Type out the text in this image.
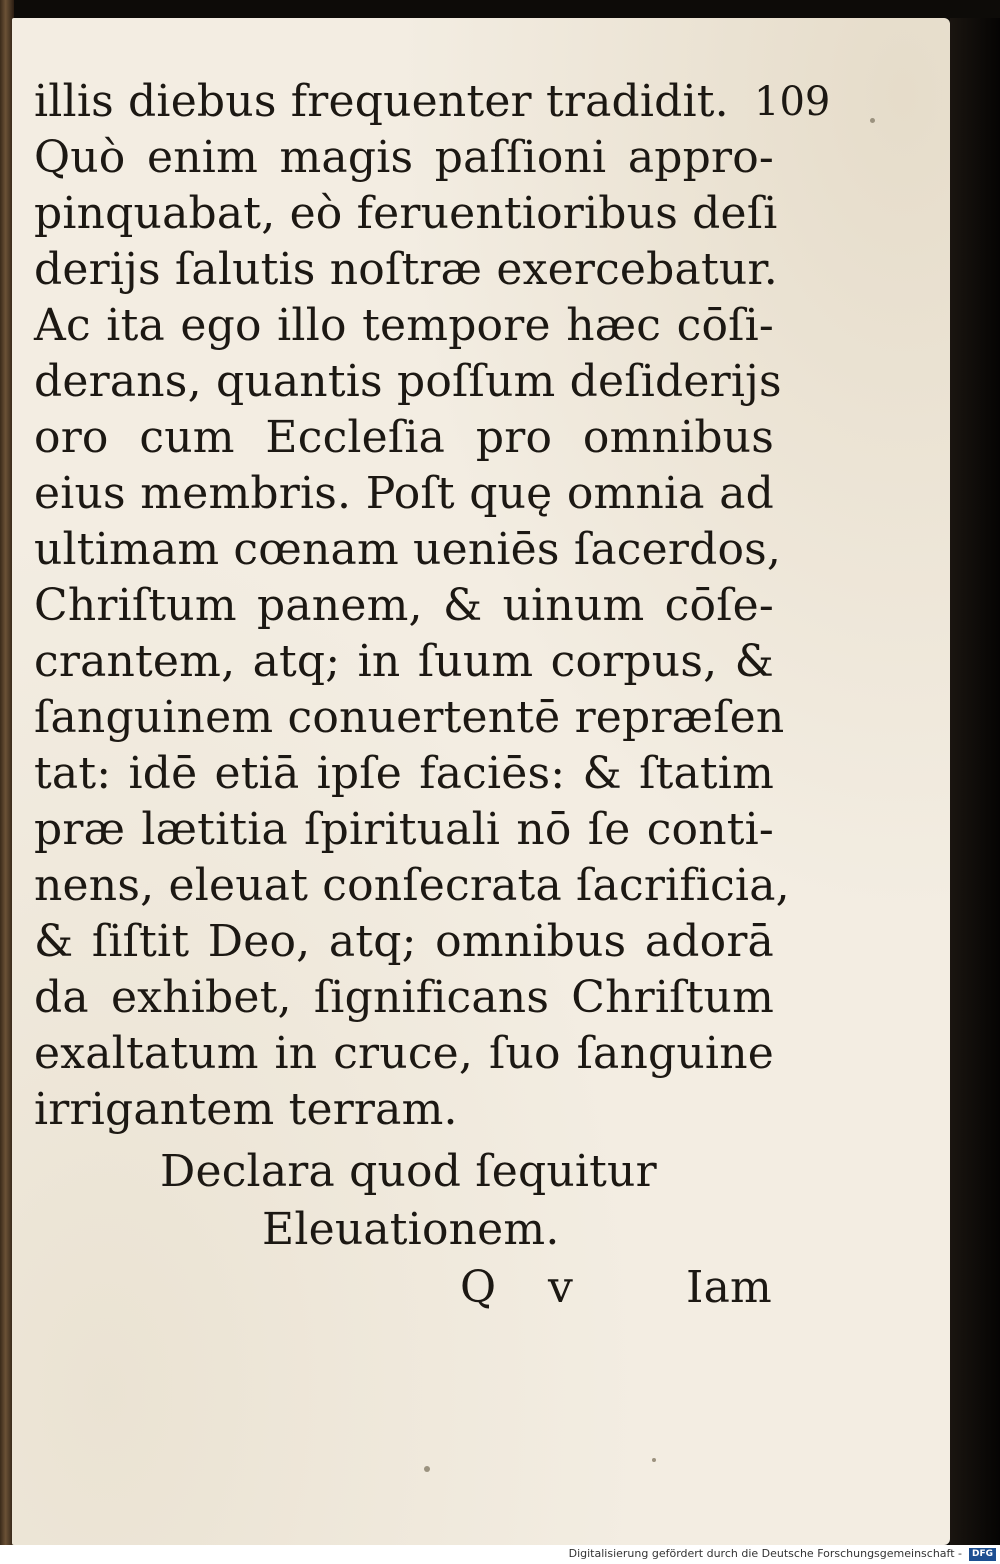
109
illis diebus frequenter tradidit.
Quò enim magis paſſioni appro-
pinquabat, eò feruentioribus deſi
derijs ſalutis noſtræ exercebatur.
Ac ita ego illo tempore hæc cōſi-
derans, quantis poſſum deſiderijs
oro cum Eccleſia pro omnibus
eius membris. Poſt quę omnia ad
ultimam cœnam ueniēs ſacerdos,
Chriſtum panem, & uinum cōſe-
crantem, atq; in ſuum corpus, &
ſanguinem conuertentē repræſen
tat: idē etiā ipſe faciēs: & ſtatim
præ lætitia ſpirituali nō ſe conti-
nens, eleuat conſecrata ſacrificia,
& ſiſtit Deo, atq; omnibus adorā
da exhibet, ſignificans Chriſtum
exaltatum in cruce, ſuo ſanguine
irrigantem terram.
Declara quod ſequitur
Eleuationem.
Q v	Iam
Digitalisierung gefördert durch die Deutsche Forschungsgemeinschaft -	DFG
